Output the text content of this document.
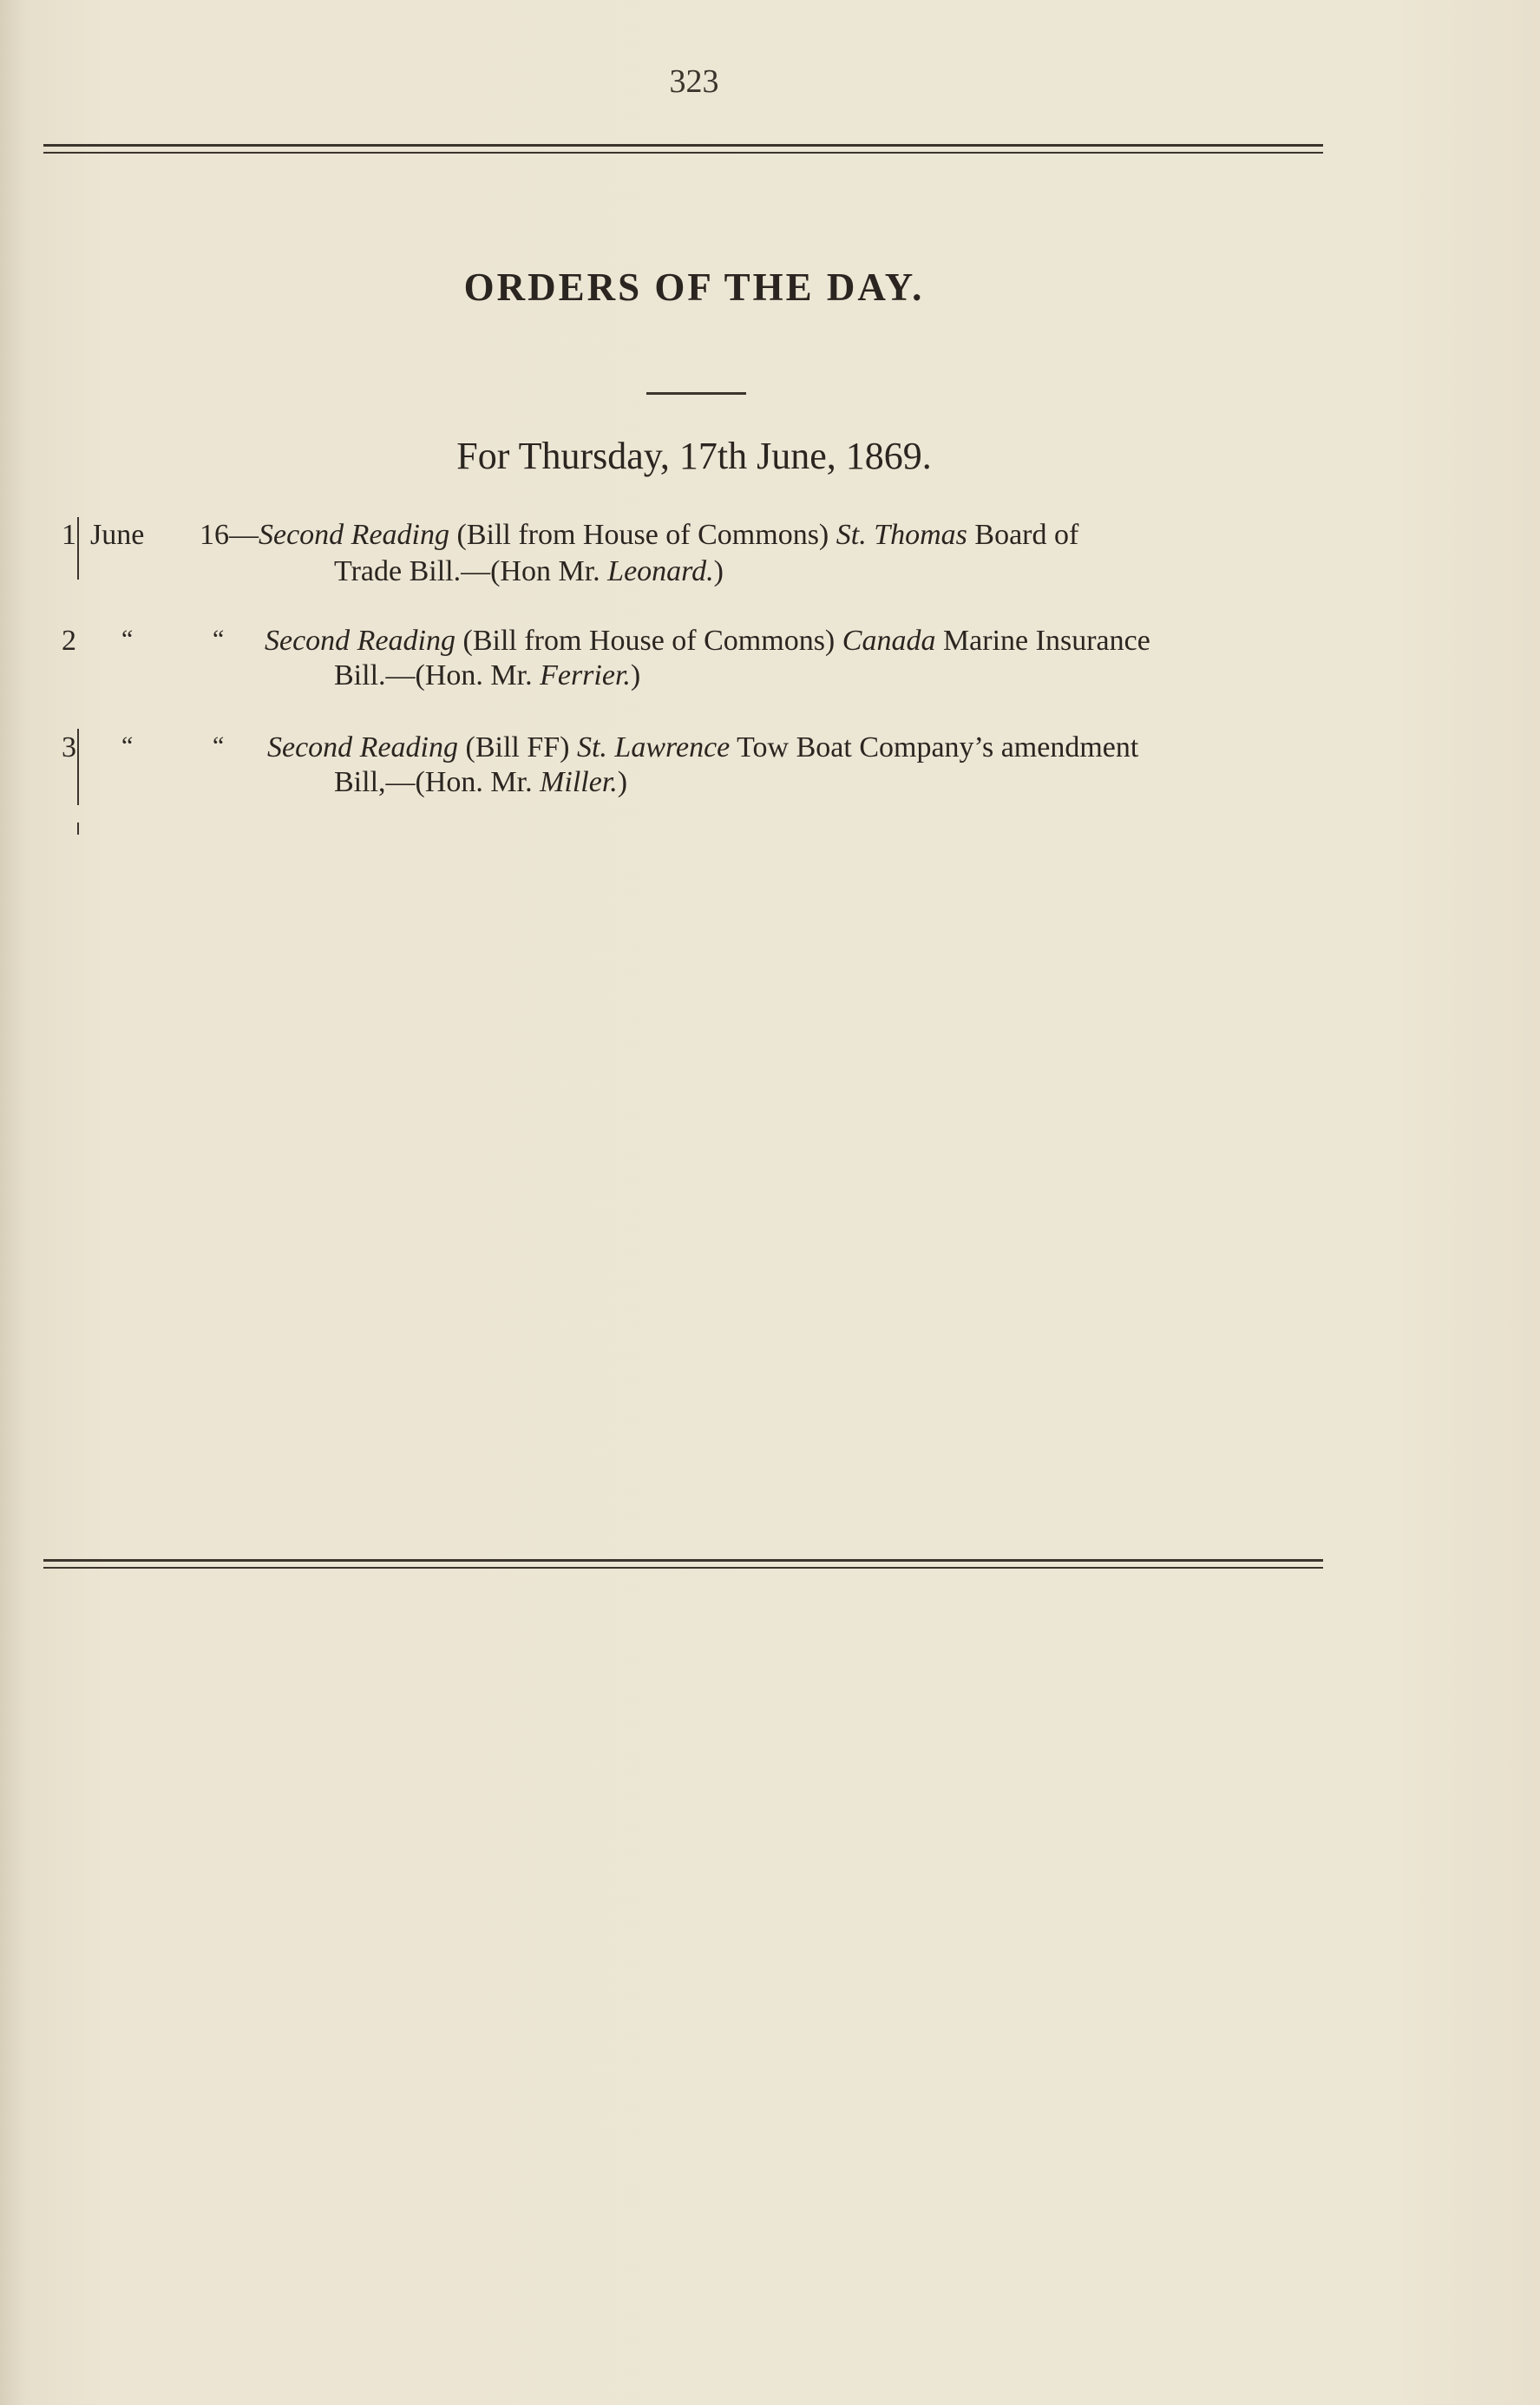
323
ORDERS OF THE DAY.
For Thursday, 17th June, 1869.
1 June 16—Second Reading (Bill from House of Commons) St. Thomas Board of
Trade Bill.—(Hon Mr. Leonard.)
2 “	“ Second Reading (Bill from House of Commons) Canada Marine Insurance
Bill.—(Hon. Mr. Ferrier.)
3 “	“ Second Reading (Bill FF) St. Lawrence Tow Boat Company’s amendment
Bill,—(Hon. Mr. Miller.)
